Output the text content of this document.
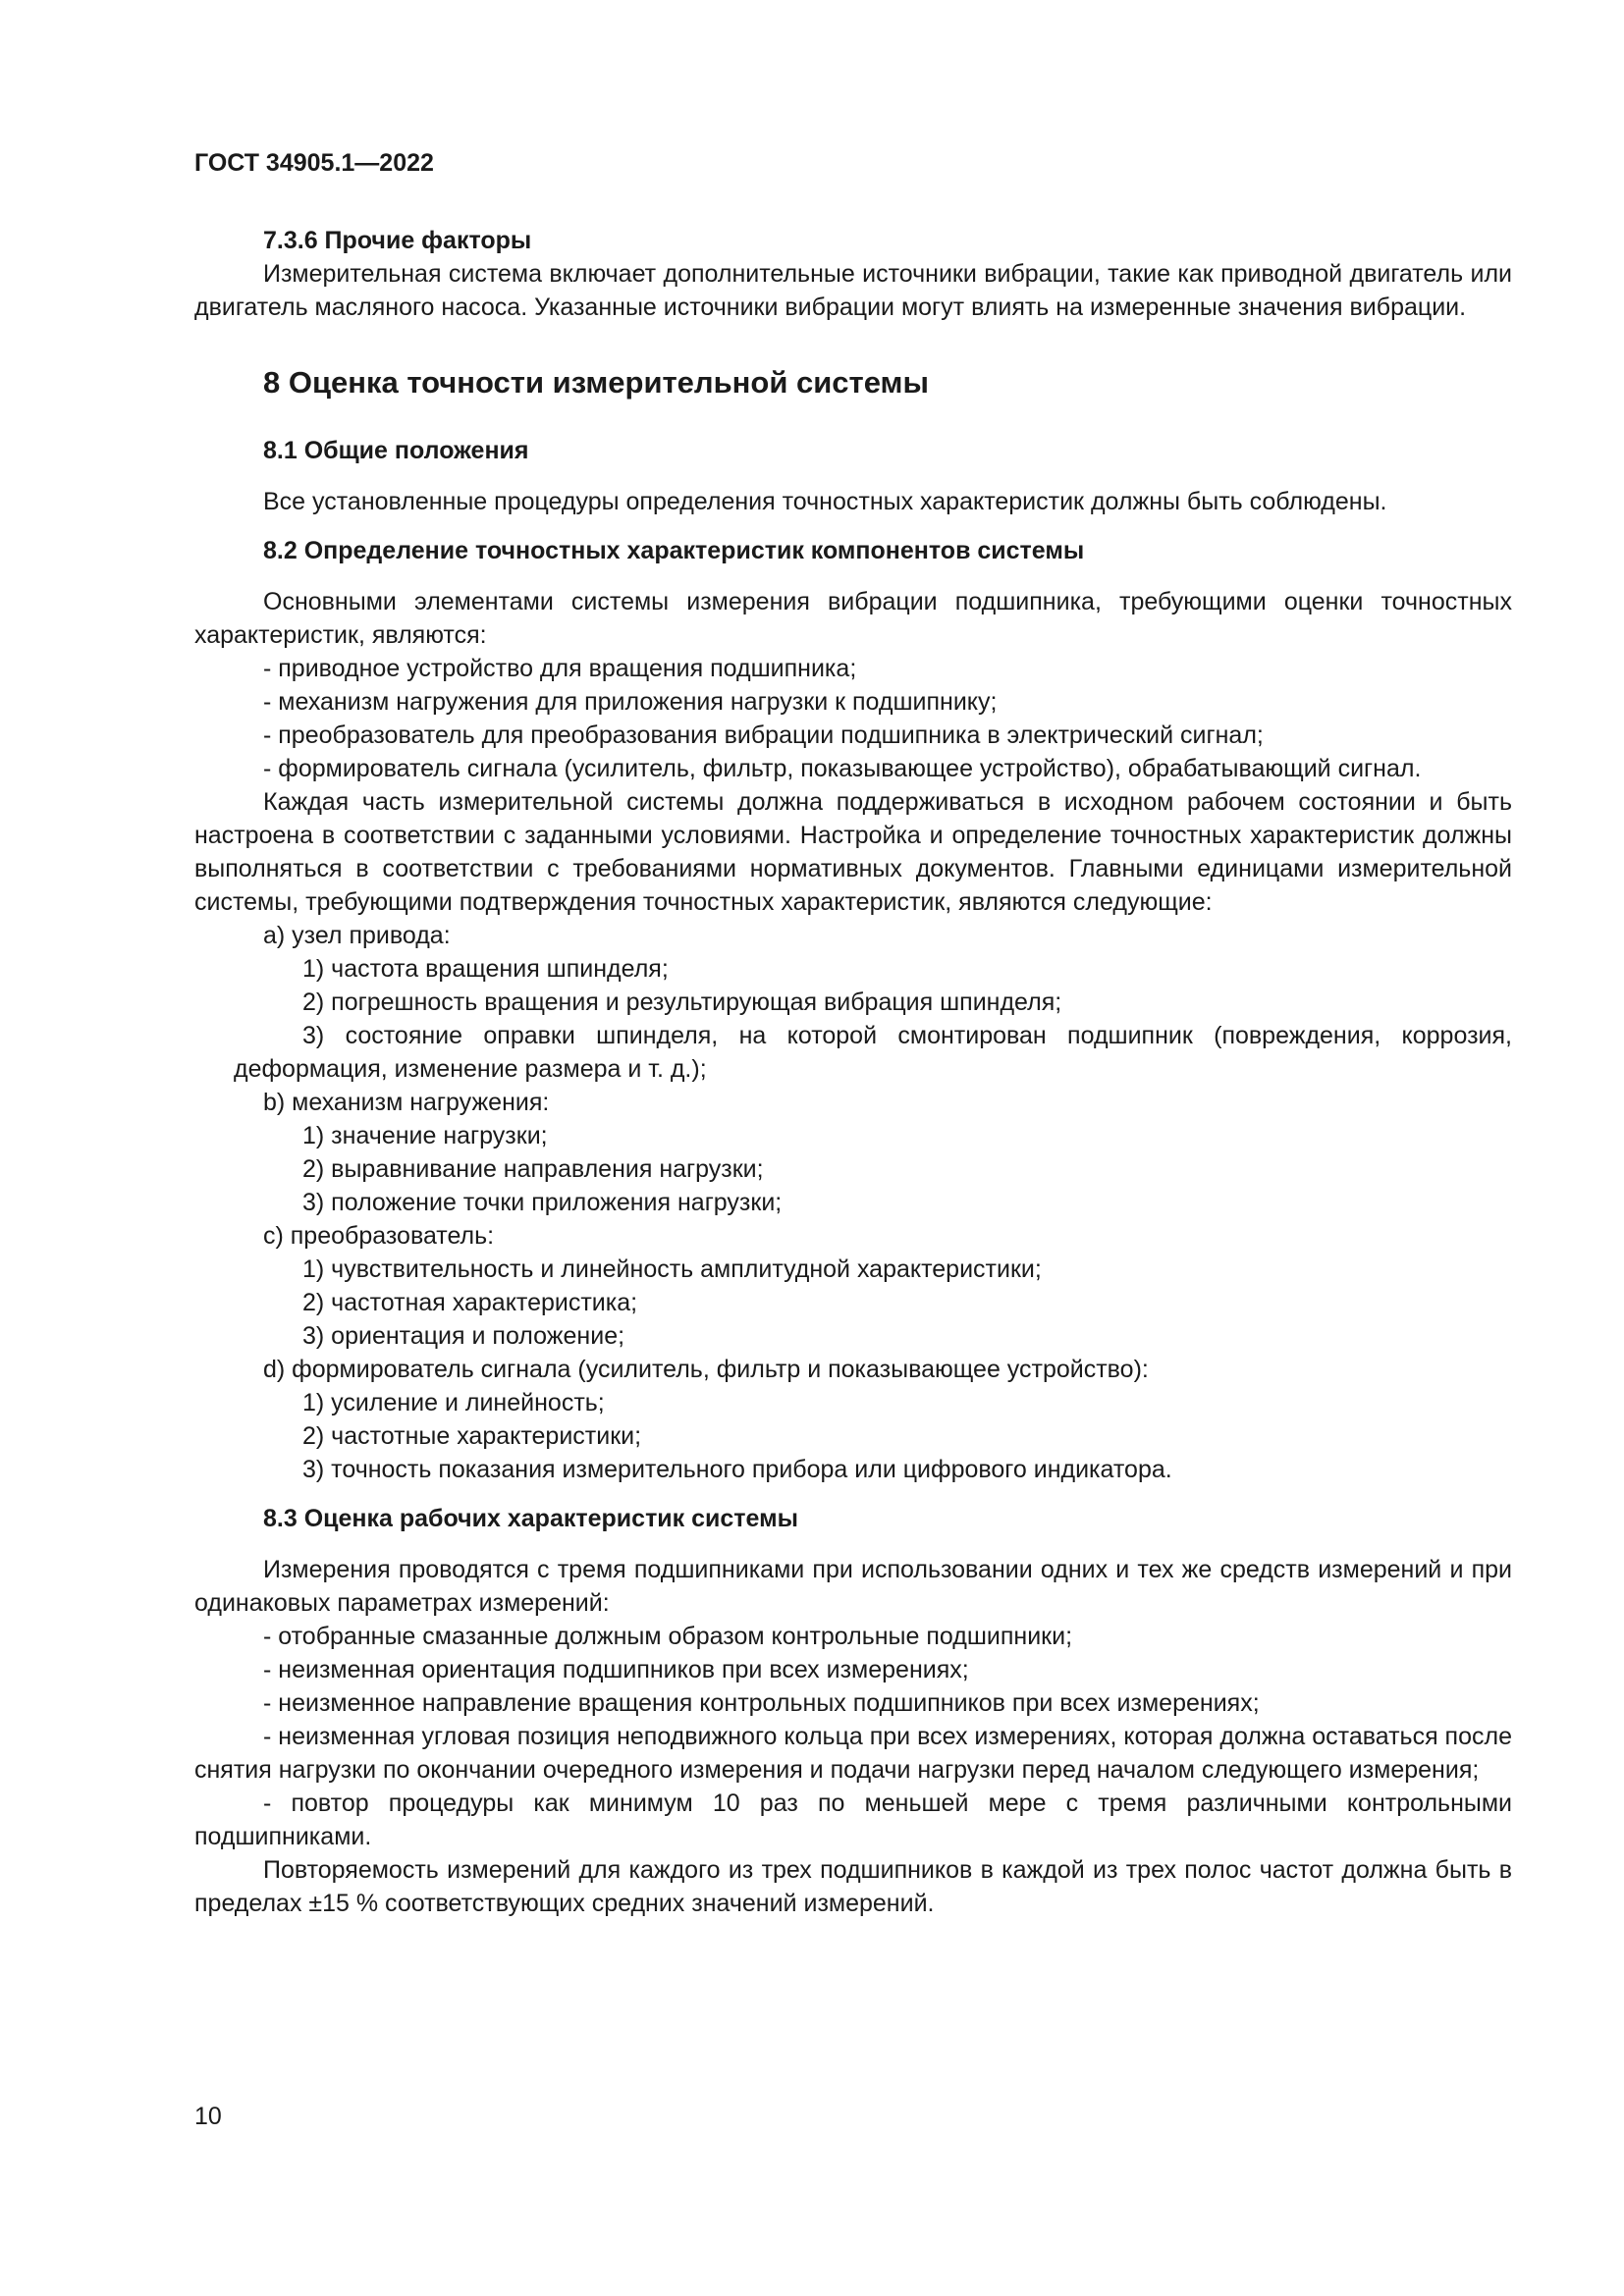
ГОСТ 34905.1—2022

7.3.6 Прочие факторы

Измерительная система включает дополнительные источники вибрации, такие как приводной двигатель или двигатель масляного насоса. Указанные источники вибрации могут влиять на измеренные значения вибрации.

8 Оценка точности измерительной системы

8.1 Общие положения

Все установленные процедуры определения точностных характеристик должны быть соблюдены.

8.2 Определение точностных характеристик компонентов системы

Основными элементами системы измерения вибрации подшипника, требующими оценки точностных характеристик, являются:

- приводное устройство для вращения подшипника;

- механизм нагружения для приложения нагрузки к подшипнику;

- преобразователь для преобразования вибрации подшипника в электрический сигнал;

- формирователь сигнала (усилитель, фильтр, показывающее устройство), обрабатывающий сигнал.

Каждая часть измерительной системы должна поддерживаться в исходном рабочем состоянии и быть настроена в соответствии с заданными условиями. Настройка и определение точностных характеристик должны выполняться в соответствии с требованиями нормативных документов. Главными единицами измерительной системы, требующими подтверждения точностных характеристик, являются следующие:

a) узел привода:

1) частота вращения шпинделя;

2) погрешность вращения и результирующая вибрация шпинделя;

3) состояние оправки шпинделя, на которой смонтирован подшипник (повреждения, коррозия, деформация, изменение размера и т. д.);

b) механизм нагружения:

1) значение нагрузки;

2) выравнивание направления нагрузки;

3) положение точки приложения нагрузки;

c) преобразователь:

1) чувствительность и линейность амплитудной характеристики;

2) частотная характеристика;

3) ориентация и положение;

d) формирователь сигнала (усилитель, фильтр и показывающее устройство):

1) усиление и линейность;

2) частотные характеристики;

3) точность показания измерительного прибора или цифрового индикатора.

8.3 Оценка рабочих характеристик системы

Измерения проводятся с тремя подшипниками при использовании одних и тех же средств измерений и при одинаковых параметрах измерений:

- отобранные смазанные должным образом контрольные подшипники;

- неизменная ориентация подшипников при всех измерениях;

- неизменное направление вращения контрольных подшипников при всех измерениях;

- неизменная угловая позиция неподвижного кольца при всех измерениях, которая должна оставаться после снятия нагрузки по окончании очередного измерения и подачи нагрузки перед началом следующего измерения;

- повтор процедуры как минимум 10 раз по меньшей мере с тремя различными контрольными подшипниками.

Повторяемость измерений для каждого из трех подшипников в каждой из трех полос частот должна быть в пределах ±15 % соответствующих средних значений измерений.

10
